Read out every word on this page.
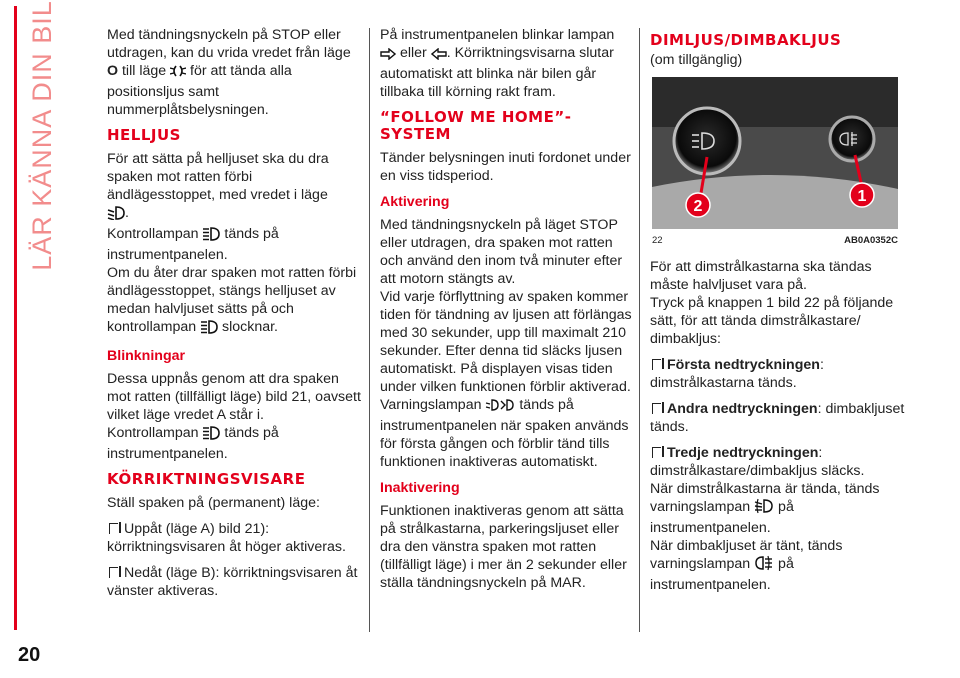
LÄR KÄNNA DIN BIL
20

Med tändningsnyckeln på STOP eller utdragen, kan du vrida vredet från läge O till läge  för att tända alla positionsljus samt nummerplåtsbelysningen.

HELLJUS

För att sätta på helljuset ska du dra spaken mot ratten förbi ändlägesstoppet, med vredet i läge
.
Kontrollampan  tänds på instrumentpanelen.
Om du åter drar spaken mot ratten förbi ändlägesstoppet, stängs helljuset av medan halvljuset sätts på och kontrollampan  slocknar.

Blinkningar

Dessa uppnås genom att dra spaken mot ratten (tillfälligt läge) bild 21, oavsett vilket läge vredet A står i.
Kontrollampan  tänds på instrumentpanelen.

KÖRRIKTNINGSVISARE

Ställ spaken på (permanent) läge:

Uppåt (läge A) bild 21): körriktningsvisaren åt höger aktiveras.

Nedåt (läge B): körriktningsvisaren åt vänster aktiveras.

På instrumentpanelen blinkar lampan
eller . Körriktningsvisarna slutar automatiskt att blinka när bilen går tillbaka till körning rakt fram.

“FOLLOW ME HOME”-SYSTEM

Tänder belysningen inuti fordonet under en viss tidsperiod.

Aktivering

Med tändningsnyckeln på läget STOP eller utdragen, dra spaken mot ratten och använd den inom två minuter efter att motorn stängts av.

Vid varje förflyttning av spaken kommer tiden för tändning av ljusen att förlängas med 30 sekunder, upp till maximalt 210 sekunder. Efter denna tid släcks ljusen automatiskt. På displayen visas tiden under vilken funktionen förblir aktiverad.

Varningslampan  tänds på instrumentpanelen när spaken används för första gången och förblir tänd tills funktionen inaktiveras automatiskt.

Inaktivering

Funktionen inaktiveras genom att sätta på strålkastarna, parkeringsljuset eller dra den vänstra spaken mot ratten (tillfälligt läge) i mer än 2 sekunder eller ställa tändningsnyckeln på MAR.

DIMLJUS/DIMBAKLJUS

(om tillgänglig)

2
1
22	AB0A0352C

För att dimstrålkastarna ska tändas måste halvljuset vara på.

Tryck på knappen 1 bild 22 på följande sätt, för att tända dimstrålkastare/ dimbakljus:

Första nedtryckningen: dimstrålkastarna tänds.

Andra nedtryckningen: dimbakljuset tänds.

Tredje nedtryckningen: dimstrålkastare/dimbakljus släcks.

När dimstrålkastarna är tända, tänds varningslampan  på instrumentpanelen.

När dimbakljuset är tänt, tänds varningslampan  på instrumentpanelen.
